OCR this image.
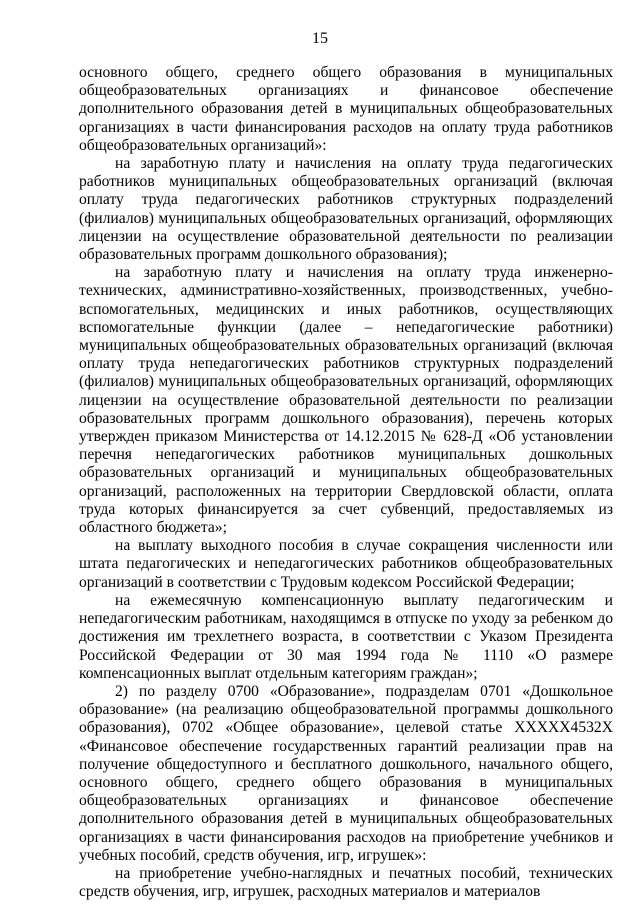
15

основного общего, среднего общего образования в муниципальных общеобразовательных организациях и финансовое обеспечение дополнительного образования детей в муниципальных общеобразовательных организациях в части финансирования расходов на оплату труда работников общеобразовательных организаций»:

на заработную плату и начисления на оплату труда педагогических работников муниципальных общеобразовательных организаций (включая оплату труда педагогических работников структурных подразделений (филиалов) муниципальных общеобразовательных организаций, оформляющих лицензии на осуществление образовательной деятельности по реализации образовательных программ дошкольного образования);

на заработную плату и начисления на оплату труда инженерно-технических, административно-хозяйственных, производственных, учебно-вспомогательных, медицинских и иных работников, осуществляющих вспомогательные функции (далее – непедагогические работники) муниципальных общеобразовательных образовательных организаций (включая оплату труда непедагогических работников структурных подразделений (филиалов) муниципальных общеобразовательных организаций, оформляющих лицензии на осуществление образовательной деятельности по реализации образовательных программ дошкольного образования), перечень которых утвержден приказом Министерства от 14.12.2015 № 628-Д «Об установлении перечня непедагогических работников муниципальных дошкольных образовательных организаций и муниципальных общеобразовательных организаций, расположенных на территории Свердловской области, оплата труда которых финансируется за счет субвенций, предоставляемых из областного бюджета»;

на выплату выходного пособия в случае сокращения численности или штата педагогических и непедагогических работников общеобразовательных организаций в соответствии с Трудовым кодексом Российской Федерации;

на ежемесячную компенсационную выплату педагогическим и непедагогическим работникам, находящимся в отпуске по уходу за ребенком до достижения им трехлетнего возраста, в соответствии с Указом Президента Российской Федерации от 30 мая 1994 года № 1110 «О размере компенсационных выплат отдельным категориям граждан»;

2) по разделу 0700 «Образование», подразделам 0701 «Дошкольное образование» (на реализацию общеобразовательной программы дошкольного образования), 0702 «Общее образование», целевой статье XXXXX4532X «Финансовое обеспечение государственных гарантий реализации прав на получение общедоступного и бесплатного дошкольного, начального общего, основного общего, среднего общего образования в муниципальных общеобразовательных организациях и финансовое обеспечение дополнительного образования детей в муниципальных общеобразовательных организациях в части финансирования расходов на приобретение учебников и учебных пособий, средств обучения, игр, игрушек»:

на приобретение учебно-наглядных и печатных пособий, технических средств обучения, игр, игрушек, расходных материалов и материалов
